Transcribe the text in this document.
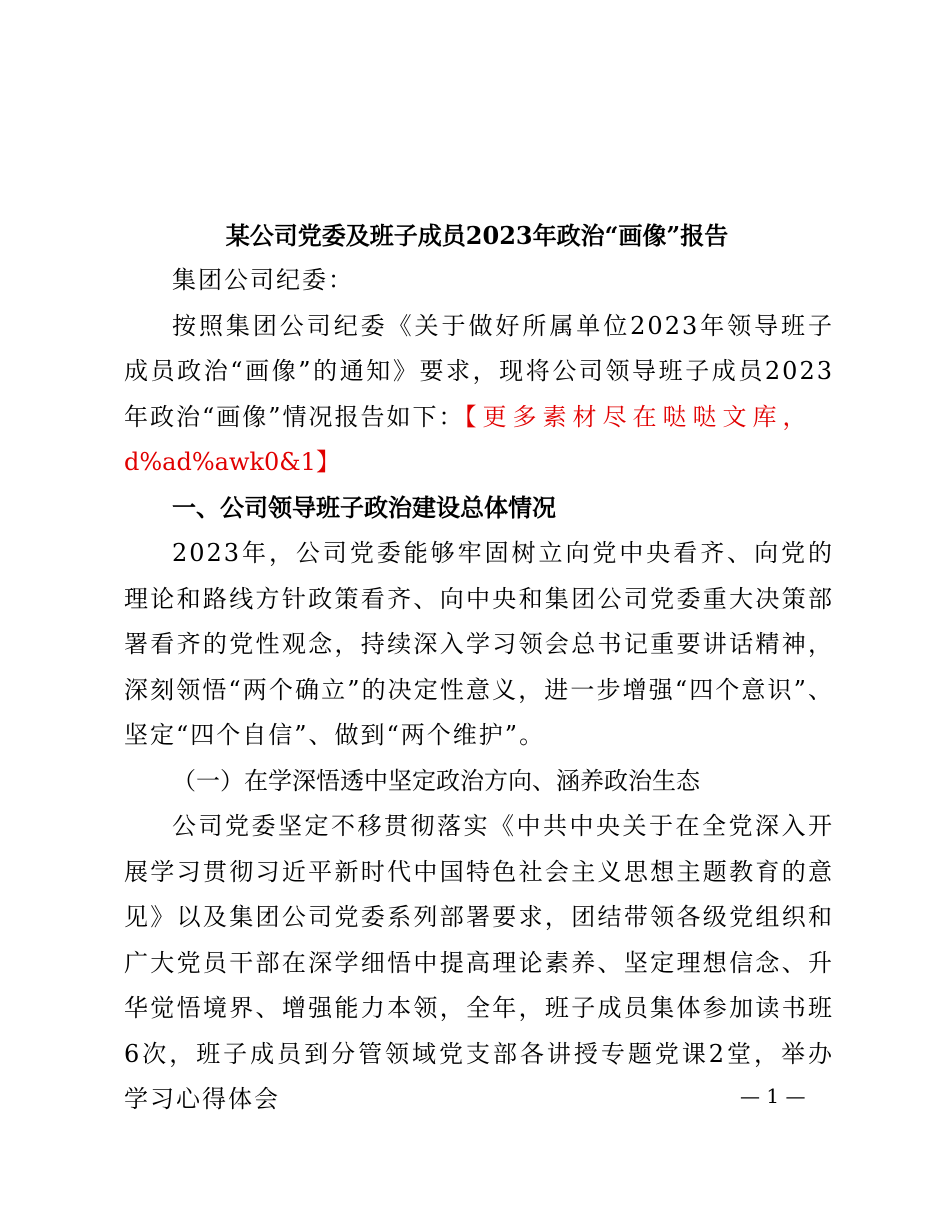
某公司党委及班子成员2023年政治“画像”报告

集团公司纪委：

按照集团公司纪委《关于做好所属单位2023年领导班子成员政治“画像”的通知》要求，现将公司领导班子成员2023年政治“画像”情况报告如下：【更多素材尽在哒哒文库，

d%ad%awk0&1】

一、公司领导班子政治建设总体情况

2023年，公司党委能够牢固树立向党中央看齐、向党的理论和路线方针政策看齐、向中央和集团公司党委重大决策部署看齐的党性观念，持续深入学习领会总书记重要讲话精神，深刻领悟“两个确立”的决定性意义，进一步增强“四个意识”、坚定“四个自信”、做到“两个维护”。

（一）在学深悟透中坚定政治方向、涵养政治生态

公司党委坚定不移贯彻落实《中共中央关于在全党深入开展学习贯彻习近平新时代中国特色社会主义思想主题教育的意见》以及集团公司党委系列部署要求，团结带领各级党组织和广大党员干部在深学细悟中提高理论素养、坚定理想信念、升华觉悟境界、增强能力本领，全年，班子成员集体参加读书班6次，班子成员到分管领域党支部各讲授专题党课2堂，举办学习心得体会	— 1 —
